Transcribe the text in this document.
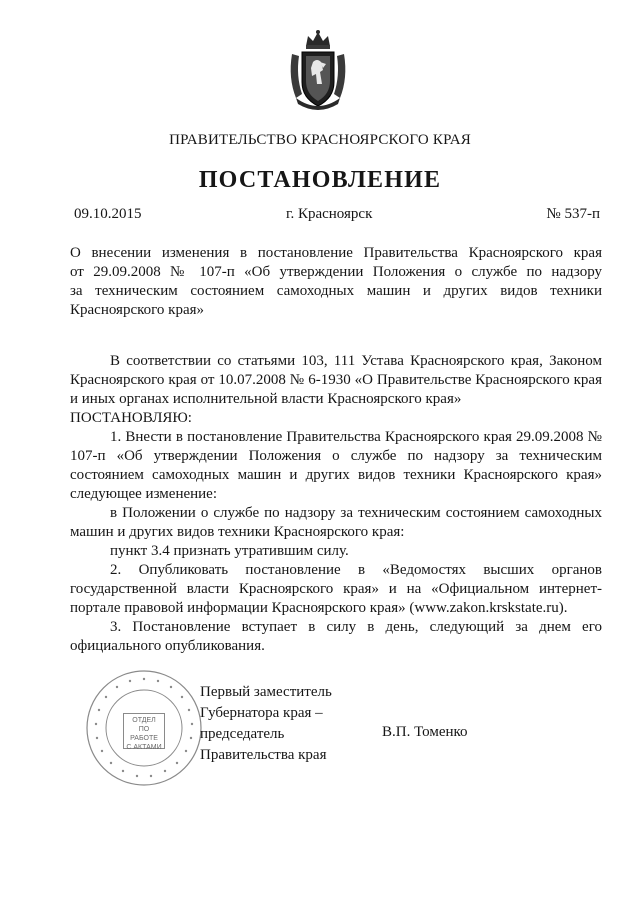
ПРАВИТЕЛЬСТВО КРАСНОЯРСКОГО КРАЯ
ПОСТАНОВЛЕНИЕ
09.10.2015	г. Красноярск	№ 537-п
О внесении изменения в постановление Правительства Красноярского края
от 29.09.2008 № 107-п «Об утверждении Положения о службе по надзору
за техническим состоянием самоходных машин и других видов техники
Красноярского края»

В соответствии со статьями 103, 111 Устава Красноярского края, Законом Красноярского края от 10.07.2008 № 6-1930 «О Правительстве Красноярского края и иных органах исполнительной власти Красноярского края»

ПОСТАНОВЛЯЮ:

1. Внести в постановление Правительства Красноярского края 29.09.2008 № 107-п «Об утверждении Положения о службе по надзору за техническим состоянием самоходных машин и других видов техники Красноярского края» следующее изменение:

в Положении о службе по надзору за техническим состоянием самоходных машин и других видов техники Красноярского края:

пункт 3.4 признать утратившим силу.

2. Опубликовать постановление в «Ведомостях высших органов государственной власти Красноярского края» и на «Официальном интернет-портале правовой информации Красноярского края» (www.zakon.krskstate.ru).

3. Постановление вступает в силу в день, следующий за днем его официального опубликования.

ОТДЕЛ
ПО РАБОТЕ
С АКТАМИ
Первый заместитель
Губернатора края –
председатель
Правительства края
В.П. Томенко
